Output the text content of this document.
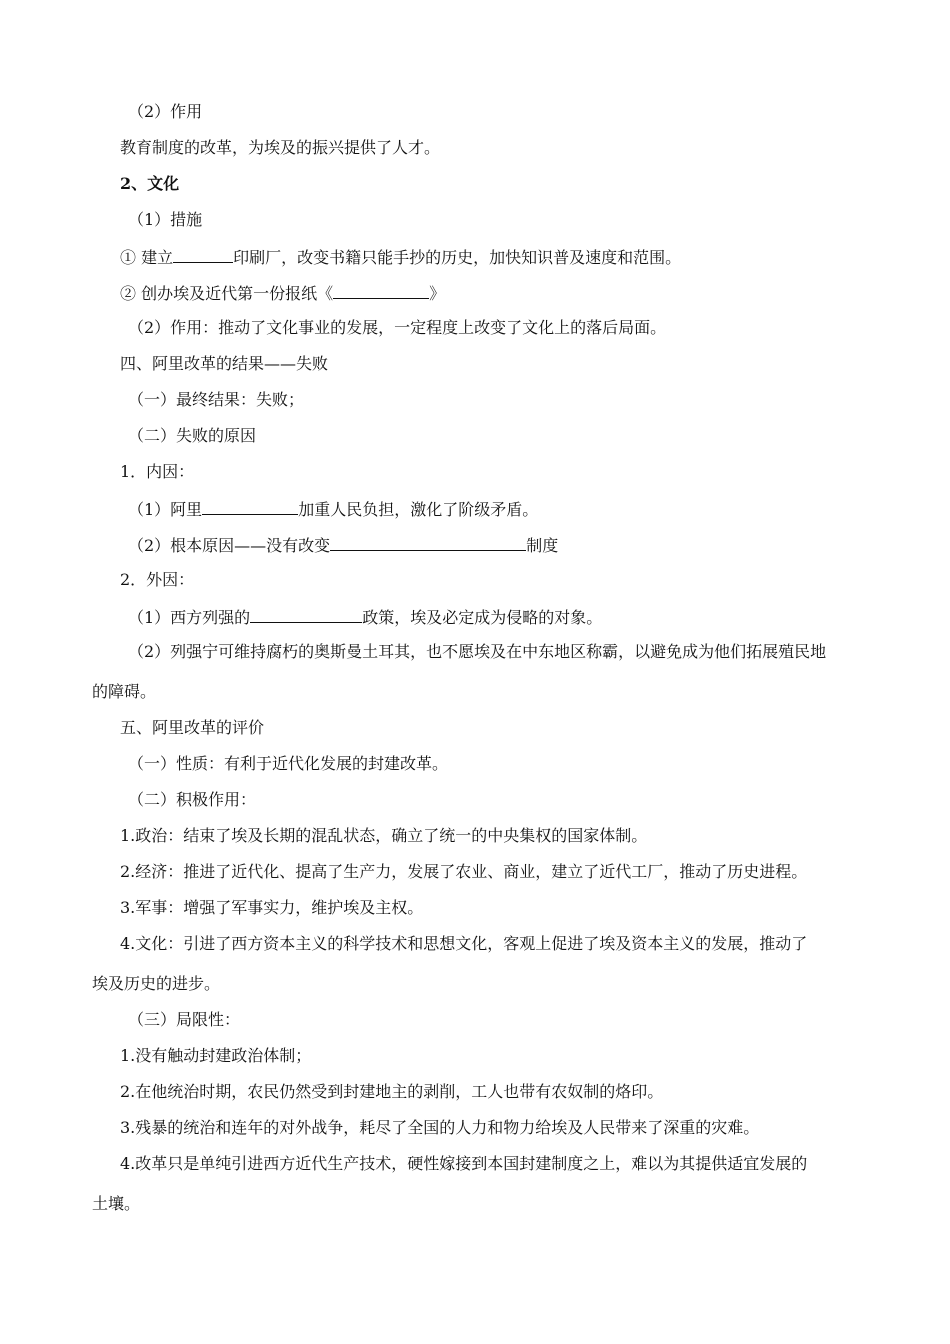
（2）作用
教育制度的改革，为埃及的振兴提供了人才。
2、文化
（1）措施
① 建立	印刷厂，改变书籍只能手抄的历史，加快知识普及速度和范围。
② 创办埃及近代第一份报纸《	》
（2）作用：推动了文化事业的发展，一定程度上改变了文化上的落后局面。
四、阿里改革的结果——失败
（一）最终结果：失败；
（二）失败的原因
1．内因：
（1）阿里	加重人民负担，激化了阶级矛盾。
（2）根本原因——没有改变	制度
2．外因：
（1）西方列强的	政策，埃及必定成为侵略的对象。
（2）列强宁可维持腐朽的奥斯曼土耳其，也不愿埃及在中东地区称霸，以避免成为他们拓展殖民地
的障碍。
五、阿里改革的评价
（一）性质：有利于近代化发展的封建改革。
（二）积极作用：
1.政治：结束了埃及长期的混乱状态，确立了统一的中央集权的国家体制。
2.经济：推进了近代化、提高了生产力，发展了农业、商业，建立了近代工厂，推动了历史进程。
3.军事：增强了军事实力，维护埃及主权。
4.文化：引进了西方资本主义的科学技术和思想文化，客观上促进了埃及资本主义的发展，推动了
埃及历史的进步。
（三）局限性：
1.没有触动封建政治体制；
2.在他统治时期，农民仍然受到封建地主的剥削，工人也带有农奴制的烙印。
3.残暴的统治和连年的对外战争，耗尽了全国的人力和物力给埃及人民带来了深重的灾难。
4.改革只是单纯引进西方近代生产技术，硬性嫁接到本国封建制度之上，难以为其提供适宜发展的
土壤。
